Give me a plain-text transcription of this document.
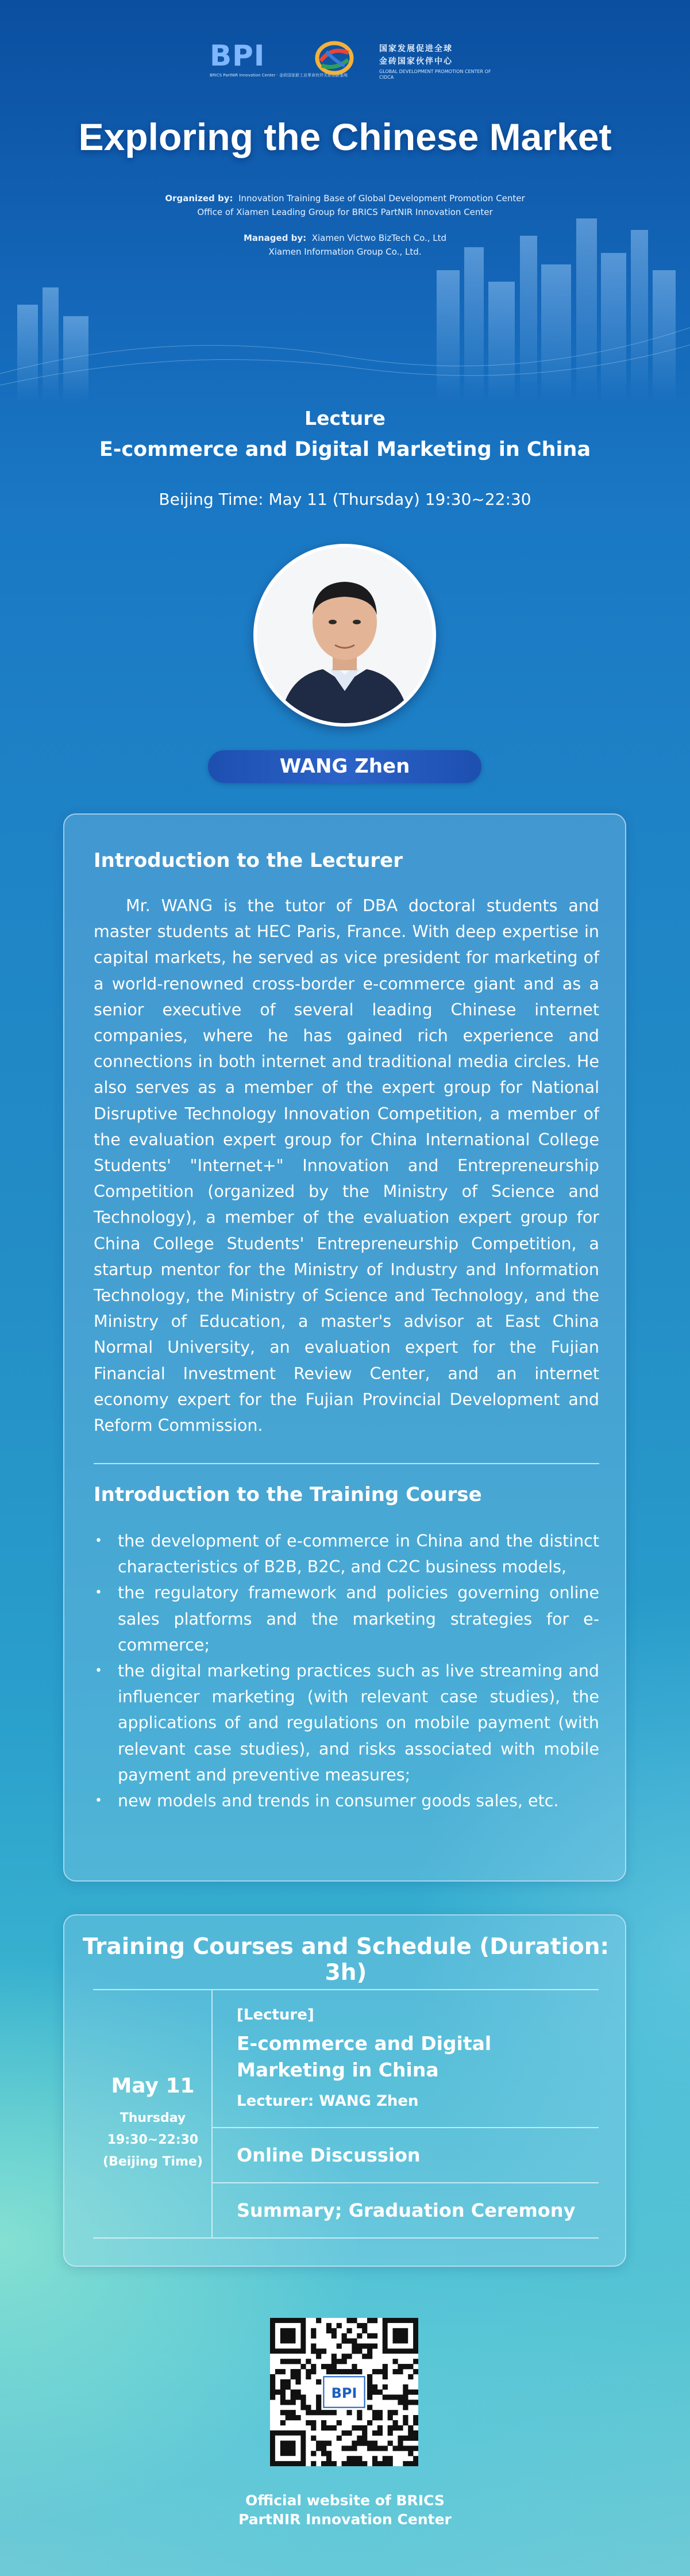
BPI
BRICS PartNIR Innovation Center · 金砖国家新工业革命伙伴关系创新基地
国家发展促进全球
金砖国家伙伴中心
GLOBAL DEVELOPMENT PROMOTION CENTER OF CIDCA
Exploring the Chinese Market
Organized by: Innovation Training Base of Global Development Promotion Center
Office of Xiamen Leading Group for BRICS PartNIR Innovation Center
Managed by: Xiamen Victwo BizTech Co., Ltd
Xiamen Information Group Co., Ltd.
Lecture
E-commerce and Digital Marketing in China
Beijing Time: May 11 (Thursday) 19:30~22:30
WANG Zhen
Introduction to the Lecturer

Mr. WANG is the tutor of DBA doctoral students and master students at HEC Paris, France. With deep expertise in capital markets, he served as vice president for marketing of a world-renowned cross-border e-commerce giant and as a senior executive of several leading Chinese internet companies, where he has gained rich experience and connections in both internet and traditional media circles. He also serves as a member of the expert group for National Disruptive Technology Innovation Competition, a member of the evaluation expert group for China International College Students' "Internet+" Innovation and Entrepreneurship Competition (organized by the Ministry of Science and Technology), a member of the evaluation expert group for China College Students' Entrepreneurship Competition, a startup mentor for the Ministry of Industry and Information Technology, the Ministry of Science and Technology, and the Ministry of Education, a master's advisor at East China Normal University, an evaluation expert for the Fujian Financial Investment Review Center, and an internet economy expert for the Fujian Provincial Development and Reform Commission.

Introduction to the Training Course
• the development of e-commerce in China and the distinct characteristics of B2B, B2C, and C2C business models,
• the regulatory framework and policies governing online sales platforms and the marketing strategies for e-commerce;
• the digital marketing practices such as live streaming and influencer marketing (with relevant case studies), the applications of and regulations on mobile payment (with relevant case studies), and risks associated with mobile payment and preventive measures;
• new models and trends in consumer goods sales, etc.
Training Courses and Schedule (Duration: 3h)
May 11
Thursday
19:30~22:30
(Beijing Time)
[Lecture]
E-commerce and Digital Marketing in China
Lecturer: WANG Zhen
Online Discussion
Summary; Graduation Ceremony
BPI
Official website of BRICS
PartNIR Innovation Center
